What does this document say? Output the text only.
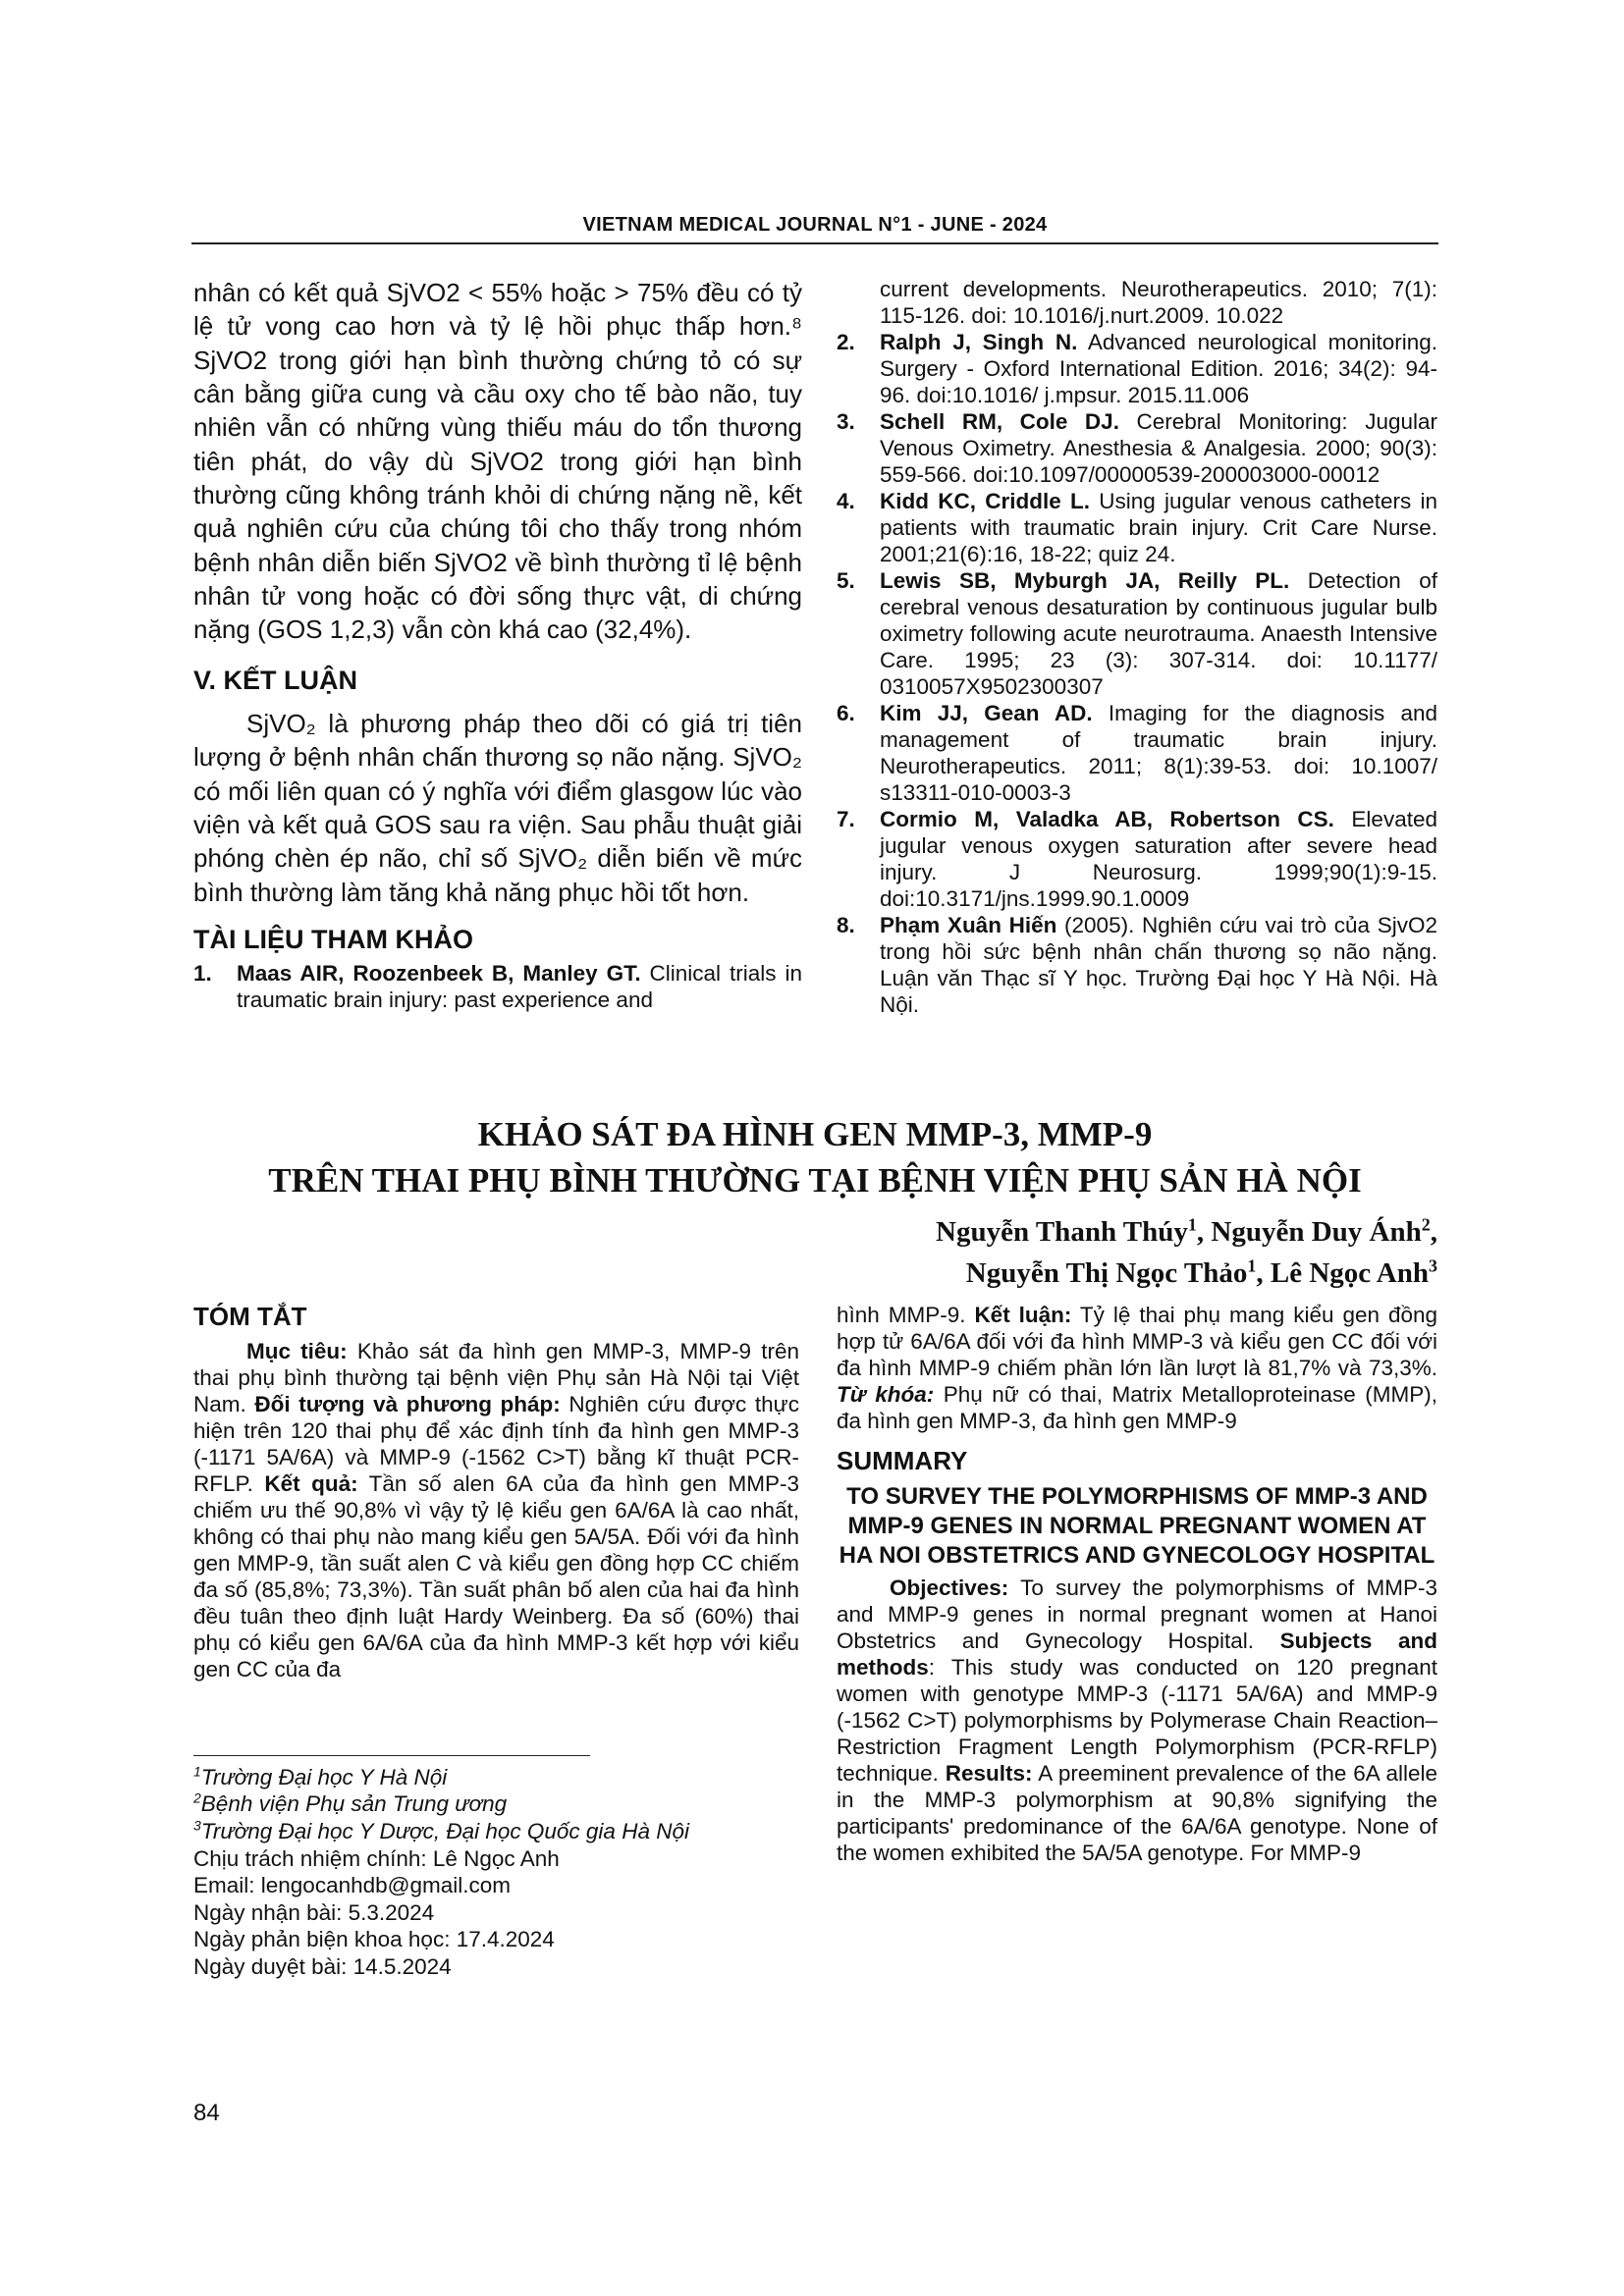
VIETNAM MEDICAL JOURNAL N°1 - JUNE - 2024

nhân có kết quả SjVO2 < 55% hoặc > 75% đều có tỷ lệ tử vong cao hơn và tỷ lệ hồi phục thấp hơn.⁸ SjVO2 trong giới hạn bình thường chứng tỏ có sự cân bằng giữa cung và cầu oxy cho tế bào não, tuy nhiên vẫn có những vùng thiếu máu do tổn thương tiên phát, do vậy dù SjVO2 trong giới hạn bình thường cũng không tránh khỏi di chứng nặng nề, kết quả nghiên cứu của chúng tôi cho thấy trong nhóm bệnh nhân diễn biến SjVO2 về bình thường tỉ lệ bệnh nhân tử vong hoặc có đời sống thực vật, di chứng nặng (GOS 1,2,3) vẫn còn khá cao (32,4%).

V. KẾT LUẬN

SjVO₂ là phương pháp theo dõi có giá trị tiên lượng ở bệnh nhân chấn thương sọ não nặng. SjVO₂ có mối liên quan có ý nghĩa với điểm glasgow lúc vào viện và kết quả GOS sau ra viện. Sau phẫu thuật giải phóng chèn ép não, chỉ số SjVO₂ diễn biến về mức bình thường làm tăng khả năng phục hồi tốt hơn.

TÀI LIỆU THAM KHẢO
1.	Maas AIR, Roozenbeek B, Manley GT. Clinical trials in traumatic brain injury: past experience and
current developments. Neurotherapeutics. 2010; 7(1): 115-126. doi: 10.1016/j.nurt.2009. 10.022
2.	Ralph J, Singh N. Advanced neurological monitoring. Surgery - Oxford International Edition. 2016; 34(2): 94-96. doi:10.1016/ j.mpsur. 2015.11.006
3.	Schell RM, Cole DJ. Cerebral Monitoring: Jugular Venous Oximetry. Anesthesia & Analgesia. 2000; 90(3): 559-566. doi:10.1097/00000539-200003000-00012
4.	Kidd KC, Criddle L. Using jugular venous catheters in patients with traumatic brain injury. Crit Care Nurse. 2001;21(6):16, 18-22; quiz 24.
5.	Lewis SB, Myburgh JA, Reilly PL. Detection of cerebral venous desaturation by continuous jugular bulb oximetry following acute neurotrauma. Anaesth Intensive Care. 1995; 23 (3): 307-314. doi: 10.1177/ 0310057X9502300307
6.	Kim JJ, Gean AD. Imaging for the diagnosis and management of traumatic brain injury. Neurotherapeutics. 2011; 8(1):39-53. doi: 10.1007/ s13311-010-0003-3
7.	Cormio M, Valadka AB, Robertson CS. Elevated jugular venous oxygen saturation after severe head injury. J Neurosurg. 1999;90(1):9-15. doi:10.3171/jns.1999.90.1.0009
8.	Phạm Xuân Hiến (2005). Nghiên cứu vai trò của SjvO2 trong hồi sức bệnh nhân chấn thương sọ não nặng. Luận văn Thạc sĩ Y học. Trường Đại học Y Hà Nội. Hà Nội.
KHẢO SÁT ĐA HÌNH GEN MMP-3, MMP-9
TRÊN THAI PHỤ BÌNH THƯỜNG TẠI BỆNH VIỆN PHỤ SẢN HÀ NỘI
Nguyễn Thanh Thúy$^1$, Nguyễn Duy Ánh$^2$,
Nguyễn Thị Ngọc Thảo$^1$, Lê Ngọc Anh$^3$
TÓM TẮT

Mục tiêu: Khảo sát đa hình gen MMP-3, MMP-9 trên thai phụ bình thường tại bệnh viện Phụ sản Hà Nội tại Việt Nam. Đối tượng và phương pháp: Nghiên cứu được thực hiện trên 120 thai phụ để xác định tính đa hình gen MMP-3 (-1171 5A/6A) và MMP-9 (-1562 C>T) bằng kĩ thuật PCR-RFLP. Kết quả: Tần số alen 6A của đa hình gen MMP-3 chiếm ưu thế 90,8% vì vậy tỷ lệ kiểu gen 6A/6A là cao nhất, không có thai phụ nào mang kiểu gen 5A/5A. Đối với đa hình gen MMP-9, tần suất alen C và kiểu gen đồng hợp CC chiếm đa số (85,8%; 73,3%). Tần suất phân bố alen của hai đa hình đều tuân theo định luật Hardy Weinberg. Đa số (60%) thai phụ có kiểu gen 6A/6A của đa hình MMP-3 kết hợp với kiểu gen CC của đa

hình MMP-9. Kết luận: Tỷ lệ thai phụ mang kiểu gen đồng hợp tử 6A/6A đối với đa hình MMP-3 và kiểu gen CC đối với đa hình MMP-9 chiếm phần lớn lần lượt là 81,7% và 73,3%. Từ khóa: Phụ nữ có thai, Matrix Metalloproteinase (MMP), đa hình gen MMP-3, đa hình gen MMP-9

SUMMARY
TO SURVEY THE POLYMORPHISMS OF MMP-3 AND MMP-9 GENES IN NORMAL PREGNANT WOMEN AT HA NOI OBSTETRICS AND GYNECOLOGY HOSPITAL

Objectives: To survey the polymorphisms of MMP-3 and MMP-9 genes in normal pregnant women at Hanoi Obstetrics and Gynecology Hospital. Subjects and methods: This study was conducted on 120 pregnant women with genotype MMP-3 (-1171 5A/6A) and MMP-9 (-1562 C>T) polymorphisms by Polymerase Chain Reaction–Restriction Fragment Length Polymorphism (PCR-RFLP) technique. Results: A preeminent prevalence of the 6A allele in the MMP-3 polymorphism at 90,8% signifying the participants' predominance of the 6A/6A genotype. None of the women exhibited the 5A/5A genotype. For MMP-9

$^1$Trường Đại học Y Hà Nội
$^2$Bệnh viện Phụ sản Trung ương
$^3$Trường Đại học Y Dược, Đại học Quốc gia Hà Nội
Chịu trách nhiệm chính: Lê Ngọc Anh
Email: lengocanhdb@gmail.com
Ngày nhận bài: 5.3.2024
Ngày phản biện khoa học: 17.4.2024
Ngày duyệt bài: 14.5.2024
84
